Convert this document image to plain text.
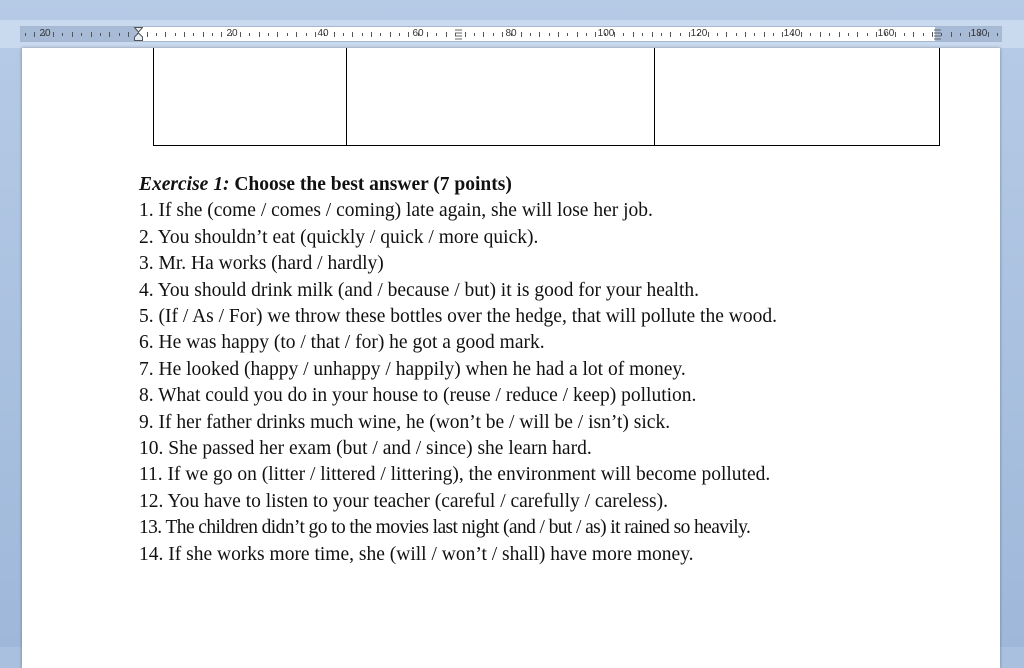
20	20	40	60	80	100	120	140	160	180
Exercise 1: Choose the best answer (7 points)
1. If she (come / comes / coming) late again, she will lose her job.
2. You shouldn’t eat (quickly / quick / more quick).
3. Mr. Ha works (hard / hardly)
4. You should drink milk (and / because / but) it is good for your health.
5. (If / As / For) we throw these bottles over the hedge, that will pollute the wood.
6. He was happy (to / that / for) he got a good mark.
7. He looked (happy / unhappy / happily) when he had a lot of money.
8. What could you do in your house to (reuse / reduce / keep) pollution.
9. If her father drinks much wine, he (won’t be / will be / isn’t) sick.
10. She passed her exam (but / and / since) she learn hard.
11. If we go on (litter / littered / littering), the environment will become polluted.
12. You have to listen to your teacher (careful / carefully / careless).
13. The children didn’t go to the movies last night (and / but / as) it rained so heavily.
14. If she works more time, she (will / won’t / shall) have more money.
